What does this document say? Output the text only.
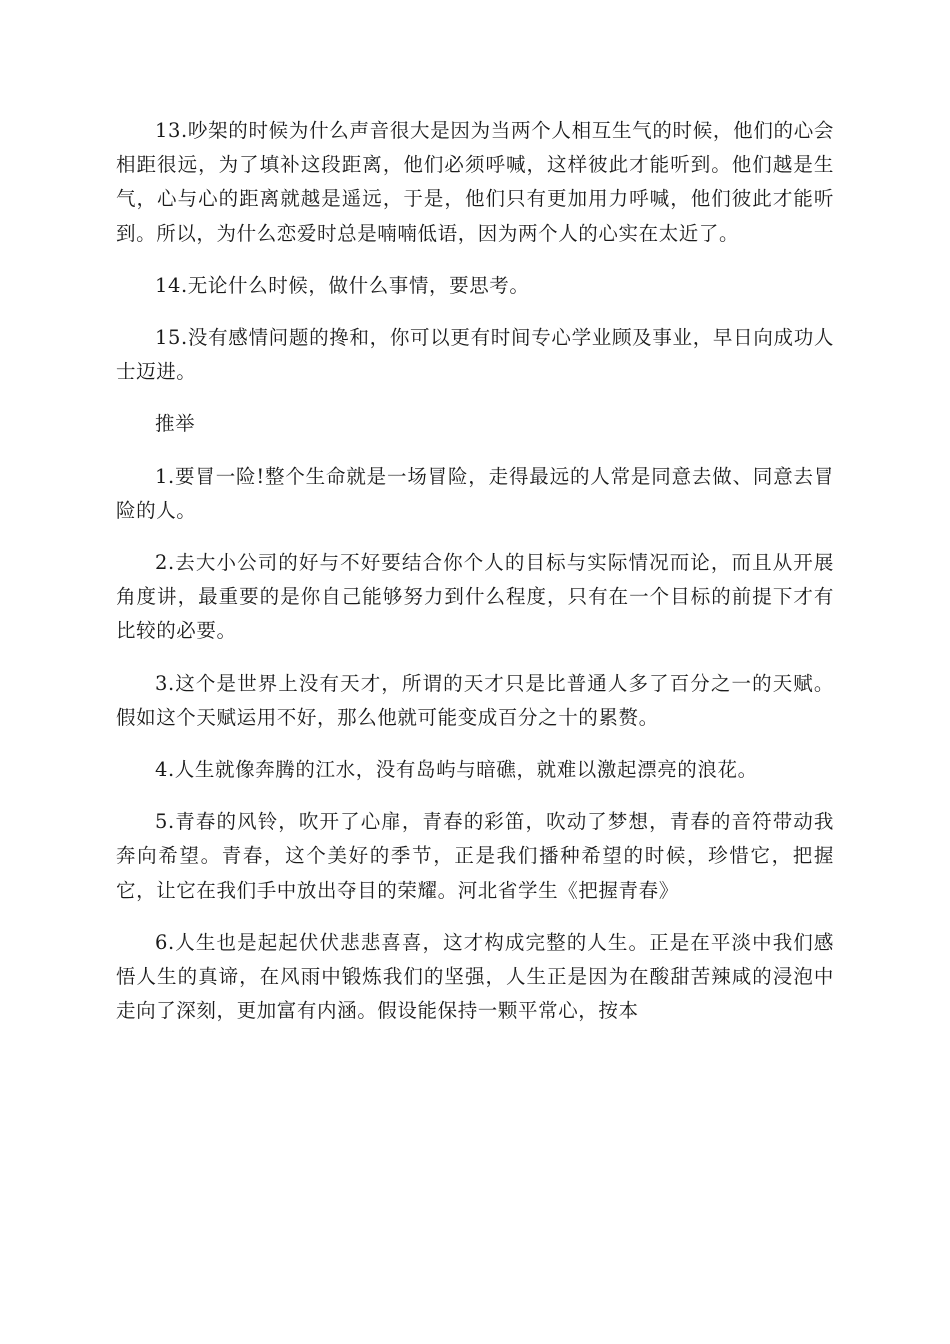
13.吵架的时候为什么声音很大是因为当两个人相互生气的时候，他们的心会相距很远，为了填补这段距离，他们必须呼喊，这样彼此才能听到。他们越是生气，心与心的距离就越是遥远，于是，他们只有更加用力呼喊，他们彼此才能听到。所以，为什么恋爱时总是喃喃低语，因为两个人的心实在太近了。

14.无论什么时候，做什么事情，要思考。

15.没有感情问题的搀和，你可以更有时间专心学业顾及事业，早日向成功人士迈进。

推举

1.要冒一险!整个生命就是一场冒险，走得最远的人常是同意去做、同意去冒险的人。

2.去大小公司的好与不好要结合你个人的目标与实际情况而论，而且从开展角度讲，最重要的是你自己能够努力到什么程度，只有在一个目标的前提下才有比较的必要。

3.这个是世界上没有天才，所谓的天才只是比普通人多了百分之一的天赋。假如这个天赋运用不好，那么他就可能变成百分之十的累赘。

4.人生就像奔腾的江水，没有岛屿与暗礁，就难以激起漂亮的浪花。

5.青春的风铃，吹开了心扉，青春的彩笛，吹动了梦想，青春的音符带动我奔向希望。青春，这个美好的季节，正是我们播种希望的时候，珍惜它，把握它，让它在我们手中放出夺目的荣耀。河北省学生《把握青春》

6.人生也是起起伏伏悲悲喜喜，这才构成完整的人生。正是在平淡中我们感悟人生的真谛，在风雨中锻炼我们的坚强，人生正是因为在酸甜苦辣咸的浸泡中走向了深刻，更加富有内涵。假设能保持一颗平常心，按本
